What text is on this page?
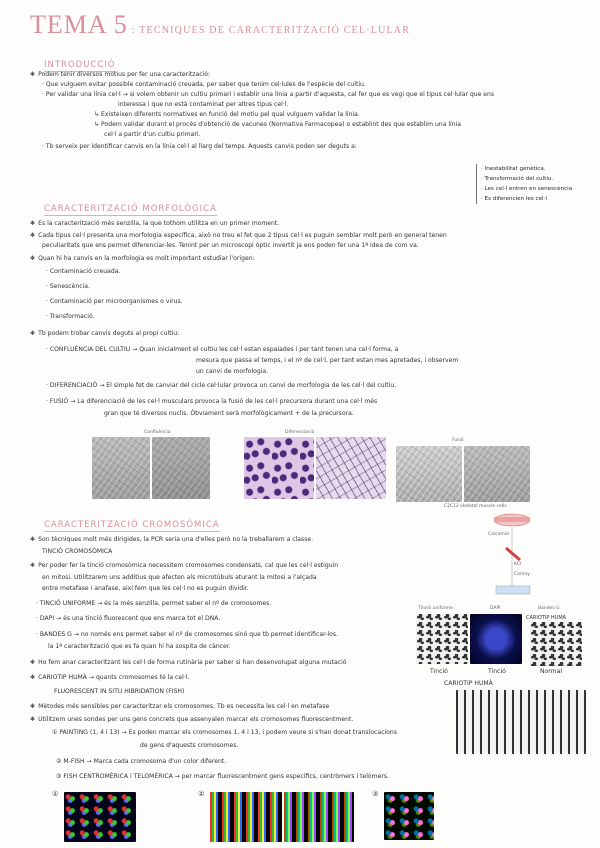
TEMA 5 : TECNIQUES DE CARACTERITZACIÓ CEL·LULAR
INTRODUCCIÓ
✱ Podem tenir diversos motius per fer una caracterització:
· Que vulguem evitar possible contaminació creuada, per saber que tenim cel·lules de l'espècie del cultiu.
· Per validar una línia cel·l → si volem obtenir un cultiu primari i establir una línia a partir d'aquesta, cal fer que es vegi que el tipus cel·lular que ens
interessa i que no està contaminat per altres tipus cel·l.
↳ Existeixen diferents normatives en funció del motiu pel qual vulguem validar la línia.
↳ Podem validar durant el procés d'obtenció de vacunes (Normativa Farmacopea) o establint des que establim una línia
cel·l a partir d'un cultiu primari.
· Tb serveix per identificar canvis en la línia cel·l al llarg del temps. Aquests canvis poden ser deguts a:
· Inestabilitat genètica.
· Transformació del cultiu.
· Les cel·l entren en senescència
· Es diferencien les cel·l
CARACTERITZACIÓ MORFOLÒGICA
✱ Es la caracterització més senzilla, la que tothom utilitza en un primer moment.
✱ Cada tipus cel·l presenta una morfologia específica, això no treu el fet que 2 tipus cel·l es puguin semblar molt però en general tenen
peculiaritats que ens permet diferenciar-les. Tenint per un microscopi òptic invertit ja ens poden fer una 1ª idea de com va.
✱ Quan hi ha canvis en la morfologia es molt important estudiar l'origen:
· Contaminació creuada.
· Senescència.
· Contaminació per microorganismes o virus.
· Transformació.
✱ Tb podem trobar canvis deguts al propi cultiu:
· CONFLUÈNCIA DEL CULTIU → Quan inicialment el cultiu les cel·l estan espaiades i per tant tenen una cel·l forma, a
mesura que passa el temps, i el nº de cel·l, per tant estan mes apretades, i observem
un canvi de morfologia.
· DIFERENCIACIÓ → El simple fet de canviar del cicle cel·lular provoca un canvi de morfologia de les cel·l del cultiu.
· FUSIÓ → La diferenciació de les cel·l musculars provoca la fusió de les cel·l precursora durant una cel·l més
gran que té diversos nuclis. Òbviament serà morfològicament + de la precursora.
Confluència	Diferenciació
Fusió
C2C12 skeletal muscle cells
CARACTERITZACIÓ CROMOSÒMICA
✱ Son tècniques molt més dirigides, la PCR seria una d'elles però no la treballarem a classe.
TINCIÓ CROMOSÒMICA
✱ Per poder fer la tinció cromosòmica necessitem cromosomes condensats, cal que les cel·l estiguin
en mitosi. Utilitzarem uns additius que afecten als microtúbuls aturant la mitosi a l'alçada
entre metafase i anafase, així fem que les cel·l no es puguin dividir.
· TINCIÓ UNIFORME → és la més senzilla, permet saber el nº de cromosomes.
· DAPI → és una tinció fluorescent que ens marca tot el DNA.
· BANDES G → no només ens permet saber el nº de cromosomes sinó que tb permet identificar-los.
la 1ª caracterització que es fa quan hi ha sospita de càncer.
✱ Ho fem anar caracteritzant les cel·l de forma rutinària per saber si han desenvolupat alguna mutació
✱ CARIOTIP HUMÀ → quants cromosomes té la cel·l.
FLUORESCENT IN SITU HIBRIDATION (FISH)
✱ Mètodes més sensibles per caracteritzar els cromosomes. Tb es necessita les cel·l en metafase
✱ Utilitzem unes sondes per uns gens concrets que assenyalen marcar els cromosomes fluorescentment.
① PAINTING (1, 4 i 13) → Es poden marcar els cromosomes 1, 4 i 13, i podem veure si s'han donat translocacions
de gens d'aquests cromosomes.
② M-FISH → Marca cada cromosoma d'un color diferent.
③ FISH CENTROMÈRICA i TELOMÈRICA → per marcar fluorescentment gens específics, centròmers i telòmers.
Colcemid
KCl
Carnoy
Tinció uniforme	DAPI	Bandes G
CARIOTIP HUMÀ
Tinció	Tinció	Normal
CARIOTIP HUMÀ
①	②	③
